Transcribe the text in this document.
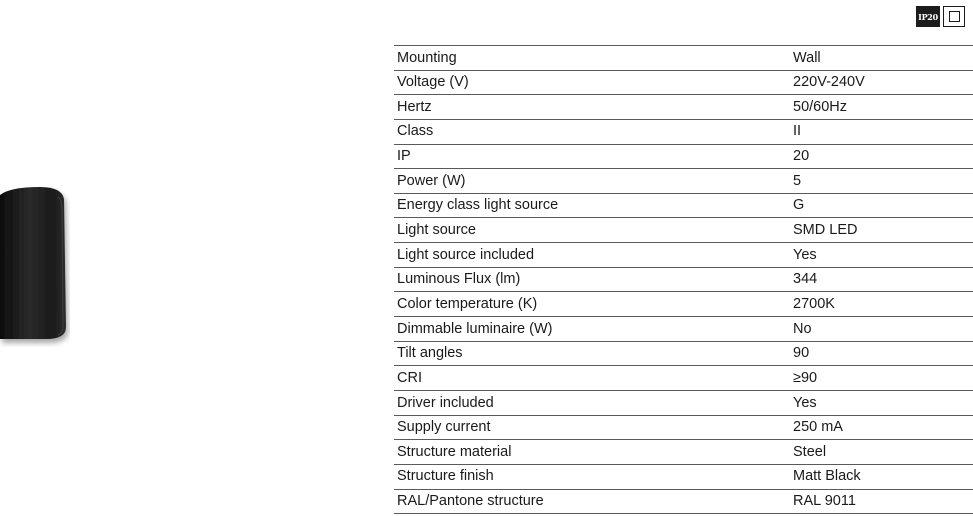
IP20
Mounting	Wall
Voltage (V)	220V-240V
Hertz	50/60Hz
Class	II
IP	20
Power (W)	5
Energy class light source	G
Light source	SMD LED
Light source included	Yes
Luminous Flux (lm)	344
Color temperature (K)	2700K
Dimmable luminaire (W)	No
Tilt angles	90
CRI	≥90
Driver included	Yes
Supply current	250 mA
Structure material	Steel
Structure finish	Matt Black
RAL/Pantone structure	RAL 9011
